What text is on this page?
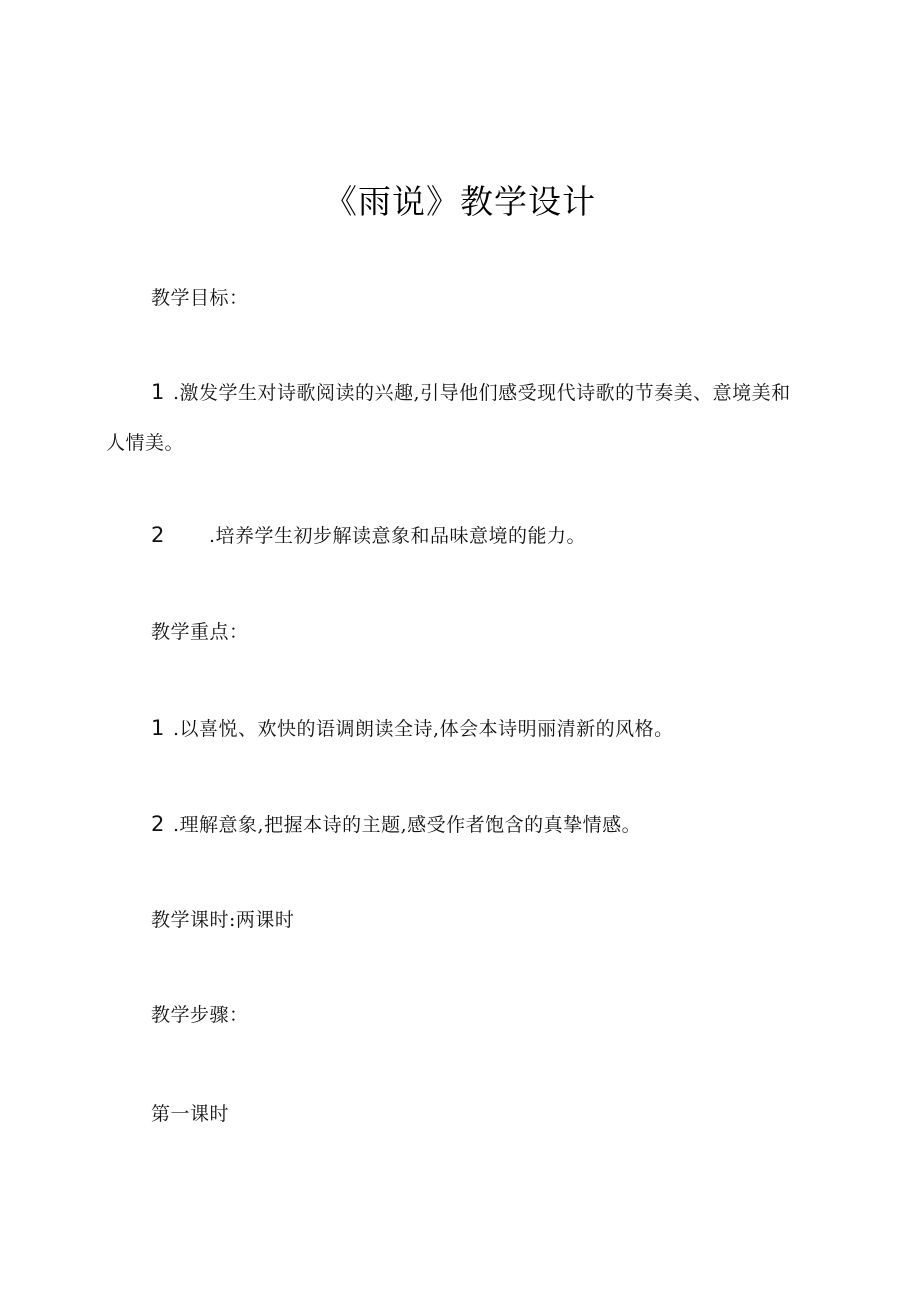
《雨说》教学设计
教学目标：
1 .激发学生对诗歌阅读的兴趣,引导他们感受现代诗歌的节奏美、意境美和
人情美。
2 .培养学生初步解读意象和品味意境的能力。
教学重点：
1 .以喜悦、欢快的语调朗读全诗,体会本诗明丽清新的风格。
2 .理解意象,把握本诗的主题,感受作者饱含的真挚情感。
教学课时:两课时
教学步骤：
第一课时
